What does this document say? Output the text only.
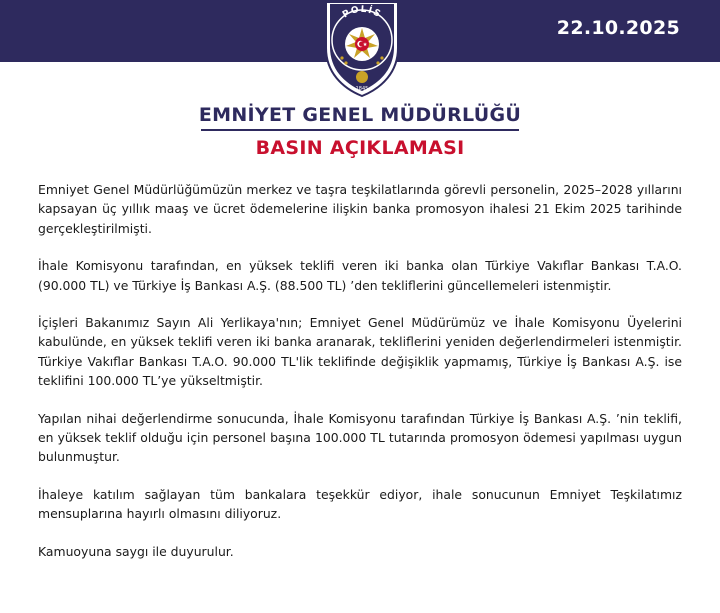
22.10.2025
POLİS
1845
EMNİYET GENEL MÜDÜRLÜĞÜ
BASIN AÇIKLAMASI

Emniyet Genel Müdürlüğümüzün merkez ve taşra teşkilatlarında görevli personelin, 2025–2028 yıllarını kapsayan üç yıllık maaş ve ücret ödemelerine ilişkin banka promosyon ihalesi 21 Ekim 2025 tarihinde gerçekleştirilmişti.

İhale Komisyonu tarafından, en yüksek teklifi veren iki banka olan Türkiye Vakıflar Bankası T.A.O. (90.000 TL) ve Türkiye İş Bankası A.Ş. (88.500 TL) ’den tekliflerini güncellemeleri istenmiştir.

İçişleri Bakanımız Sayın Ali Yerlikaya'nın; Emniyet Genel Müdürümüz ve İhale Komisyonu Üyelerini kabulünde, en yüksek teklifi veren iki banka aranarak, tekliflerini yeniden değerlendirmeleri istenmiştir. Türkiye Vakıflar Bankası T.A.O. 90.000 TL'lik teklifinde değişiklik yapmamış, Türkiye İş Bankası A.Ş. ise teklifini 100.000 TL’ye yükseltmiştir.

Yapılan nihai değerlendirme sonucunda, İhale Komisyonu tarafından Türkiye İş Bankası A.Ş. ’nin teklifi, en yüksek teklif olduğu için personel başına 100.000 TL tutarında promosyon ödemesi yapılması uygun bulunmuştur.

İhaleye katılım sağlayan tüm bankalara teşekkür ediyor, ihale sonucunun Emniyet Teşkilatımız mensuplarına hayırlı olmasını diliyoruz.

Kamuoyuna saygı ile duyurulur.
